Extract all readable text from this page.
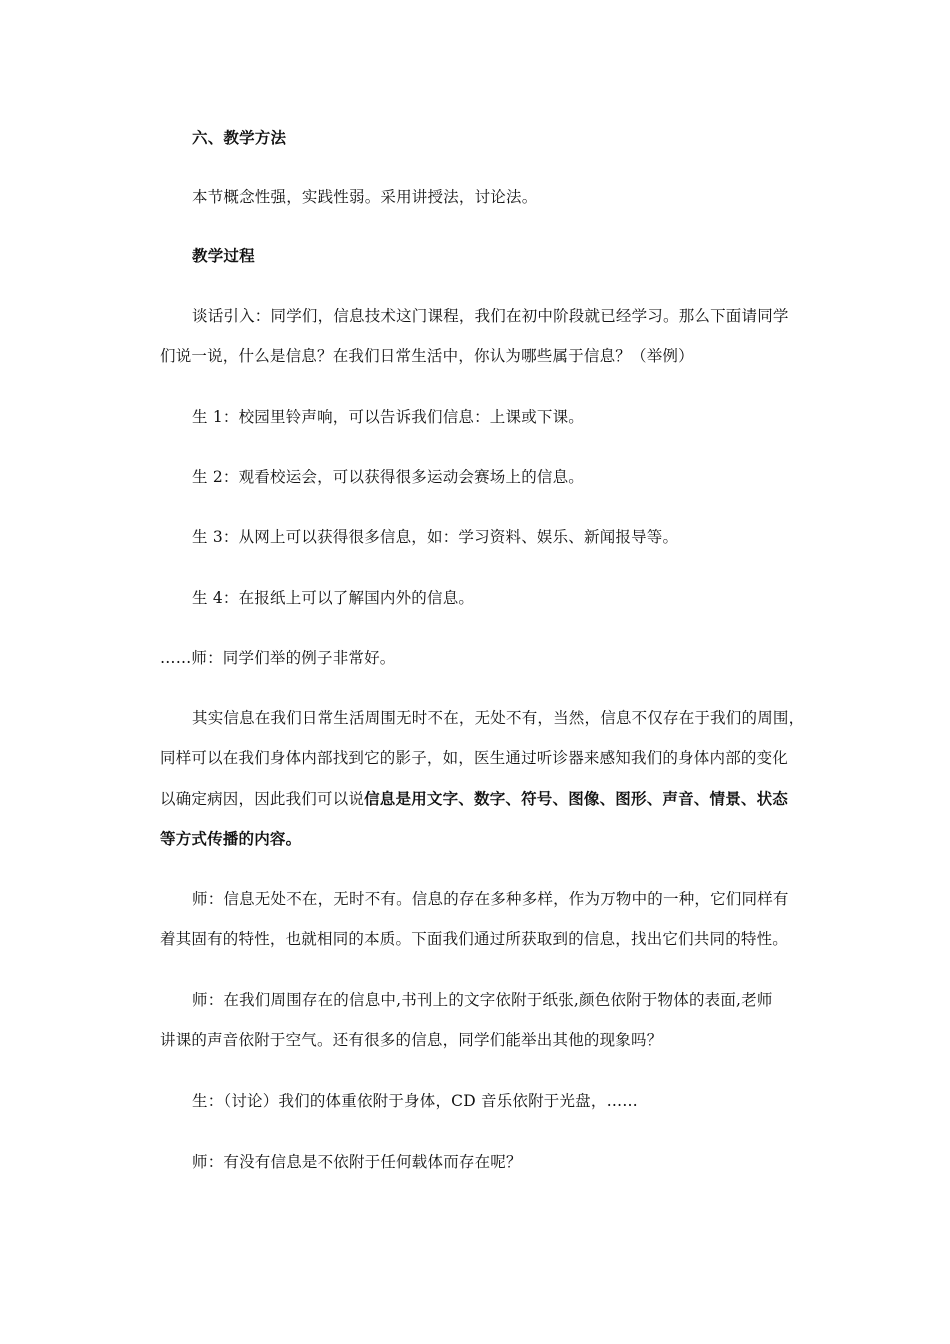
六、教学方法
本节概念性强，实践性弱。采用讲授法，讨论法。
教学过程
谈话引入：同学们，信息技术这门课程，我们在初中阶段就已经学习。那么下面请同学
们说一说，什么是信息？在我们日常生活中，你认为哪些属于信息？（举例）
生 1：校园里铃声响，可以告诉我们信息：上课或下课。
生 2：观看校运会，可以获得很多运动会赛场上的信息。
生 3：从网上可以获得很多信息，如：学习资料、娱乐、新闻报导等。
生 4：在报纸上可以了解国内外的信息。
……师：同学们举的例子非常好。
其实信息在我们日常生活周围无时不在，无处不有，当然，信息不仅存在于我们的周围，
同样可以在我们身体内部找到它的影子，如，医生通过听诊器来感知我们的身体内部的变化
以确定病因，因此我们可以说信息是用文字、数字、符号、图像、图形、声音、情景、状态
等方式传播的内容。
师：信息无处不在，无时不有。信息的存在多种多样，作为万物中的一种，它们同样有
着其固有的特性，也就相同的本质。下面我们通过所获取到的信息，找出它们共同的特性。
师：在我们周围存在的信息中,书刊上的文字依附于纸张,颜色依附于物体的表面,老师
讲课的声音依附于空气。还有很多的信息，同学们能举出其他的现象吗？
生：（讨论）我们的体重依附于身体，CD 音乐依附于光盘，……
师：有没有信息是不依附于任何载体而存在呢？
